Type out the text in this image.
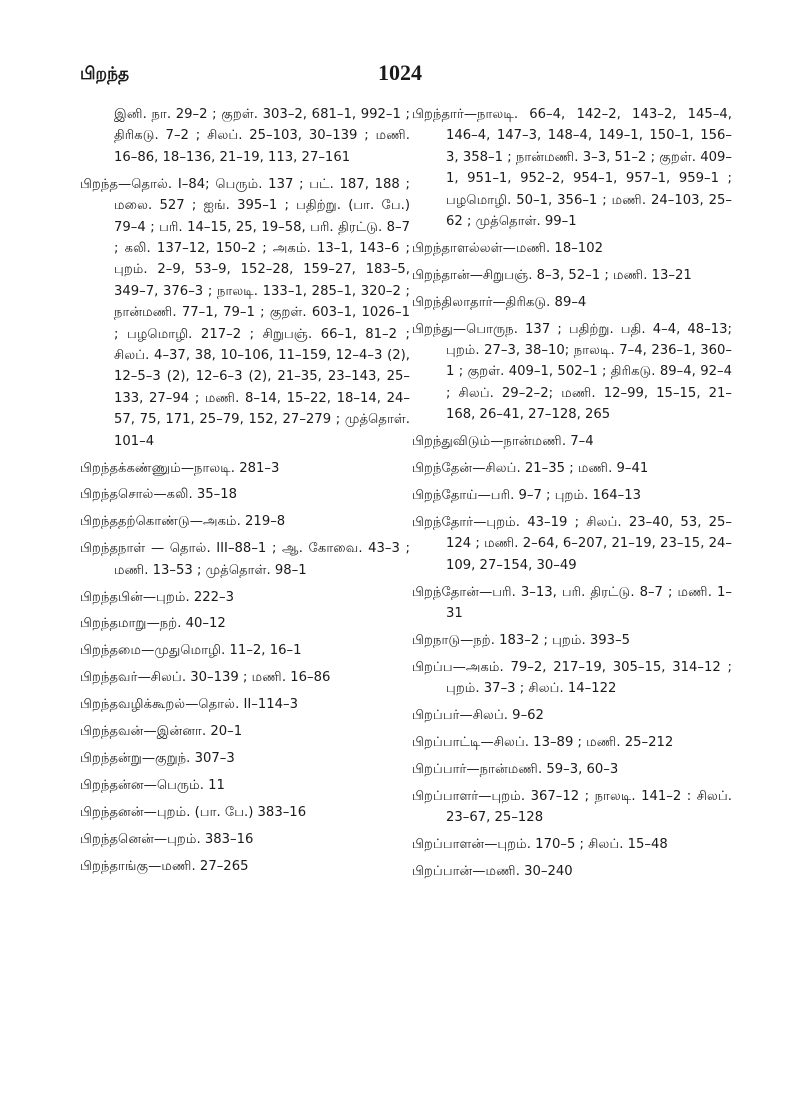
பிறந்த	1024
இனி. நா. 29–2 ; குறள். 303–2, 681–1, 992–1 ; திரிகடு. 7–2 ; சிலப். 25–103, 30–139 ; மணி. 16–86, 18–136, 21–19, 113, 27–161
பிறந்த—தொல். I–84; பெரும். 137 ; பட். 187, 188 ; மலை. 527 ; ஐங். 395–1 ; பதிற்று. (பா. பே.) 79–4 ; பரி. 14–15, 25, 19–58, பரி. திரட்டு. 8–7 ; கலி. 137–12, 150–2 ; அகம். 13–1, 143–6 ; புறம். 2–9, 53–9, 152–28, 159–27, 183–5, 349–7, 376–3 ; நாலடி. 133–1, 285–1, 320–2 ; நான்மணி. 77–1, 79–1 ; குறள். 603–1, 1026–1 ; பழமொழி. 217–2 ; சிறுபஞ். 66–1, 81–2 ; சிலப். 4–37, 38, 10–106, 11–159, 12–4–3 (2), 12–5–3 (2), 12–6–3 (2), 21–35, 23–143, 25–133, 27–94 ; மணி. 8–14, 15–22, 18–14, 24–57, 75, 171, 25–79, 152, 27–279 ; முத்தொள். 101–4
பிறந்தக்கண்ணும்—நாலடி. 281–3
பிறந்தசொல்—கலி. 35–18
பிறந்ததற்கொண்டு—அகம். 219–8
பிறந்தநாள் — தொல். III–88–1 ; ஆ. கோவை. 43–3 ; மணி. 13–53 ; முத்தொள். 98–1
பிறந்தபின்—புறம். 222–3
பிறந்தமாறு—நற். 40–12
பிறந்தமை—முதுமொழி. 11–2, 16–1
பிறந்தவர்—சிலப். 30–139 ; மணி. 16–86
பிறந்தவழிக்கூறல்—தொல். II–114–3
பிறந்தவன்—இன்னா. 20–1
பிறந்தன்று—குறுந். 307–3
பிறந்தன்ன—பெரும். 11
பிறந்தனன்—புறம். (பா. பே.) 383–16
பிறந்தனென்—புறம். 383–16
பிறந்தாங்கு—மணி. 27–265
பிறந்தார்—நாலடி. 66–4, 142–2, 143–2, 145–4, 146–4, 147–3, 148–4, 149–1, 150–1, 156–3, 358–1 ; நான்மணி. 3–3, 51–2 ; குறள். 409–1, 951–1, 952–2, 954–1, 957–1, 959–1 ; பழமொழி. 50–1, 356–1 ; மணி. 24–103, 25–62 ; முத்தொள். 99–1
பிறந்தாளல்லள்—மணி. 18–102
பிறந்தான்—சிறுபஞ். 8–3, 52–1 ; மணி. 13–21
பிறந்திலாதார்—திரிகடு. 89–4
பிறந்து—பொருந. 137 ; பதிற்று. பதி. 4–4, 48–13; புறம். 27–3, 38–10; நாலடி. 7–4, 236–1, 360–1 ; குறள். 409–1, 502–1 ; திரிகடு. 89–4, 92–4 ; சிலப். 29–2–2; மணி. 12–99, 15–15, 21–168, 26–41, 27–128, 265
பிறந்துவிடும்—நான்மணி. 7–4
பிறந்தேன்—சிலப். 21–35 ; மணி. 9–41
பிறந்தோய்—பரி. 9–7 ; புறம். 164–13
பிறந்தோர்—புறம். 43–19 ; சிலப். 23–40, 53, 25–124 ; மணி. 2–64, 6–207, 21–19, 23–15, 24–109, 27–154, 30–49
பிறந்தோன்—பரி. 3–13, பரி. திரட்டு. 8–7 ; மணி. 1–31
பிறநாடு—நற். 183–2 ; புறம். 393–5
பிறப்ப—அகம். 79–2, 217–19, 305–15, 314–12 ; புறம். 37–3 ; சிலப். 14–122
பிறப்பர்—சிலப். 9–62
பிறப்பாட்டி—சிலப். 13–89 ; மணி. 25–212
பிறப்பார்—நான்மணி. 59–3, 60–3
பிறப்பாளர்—புறம். 367–12 ; நாலடி. 141–2 : சிலப். 23–67, 25–128
பிறப்பாளன்—புறம். 170–5 ; சிலப். 15–48
பிறப்பான்—மணி. 30–240
